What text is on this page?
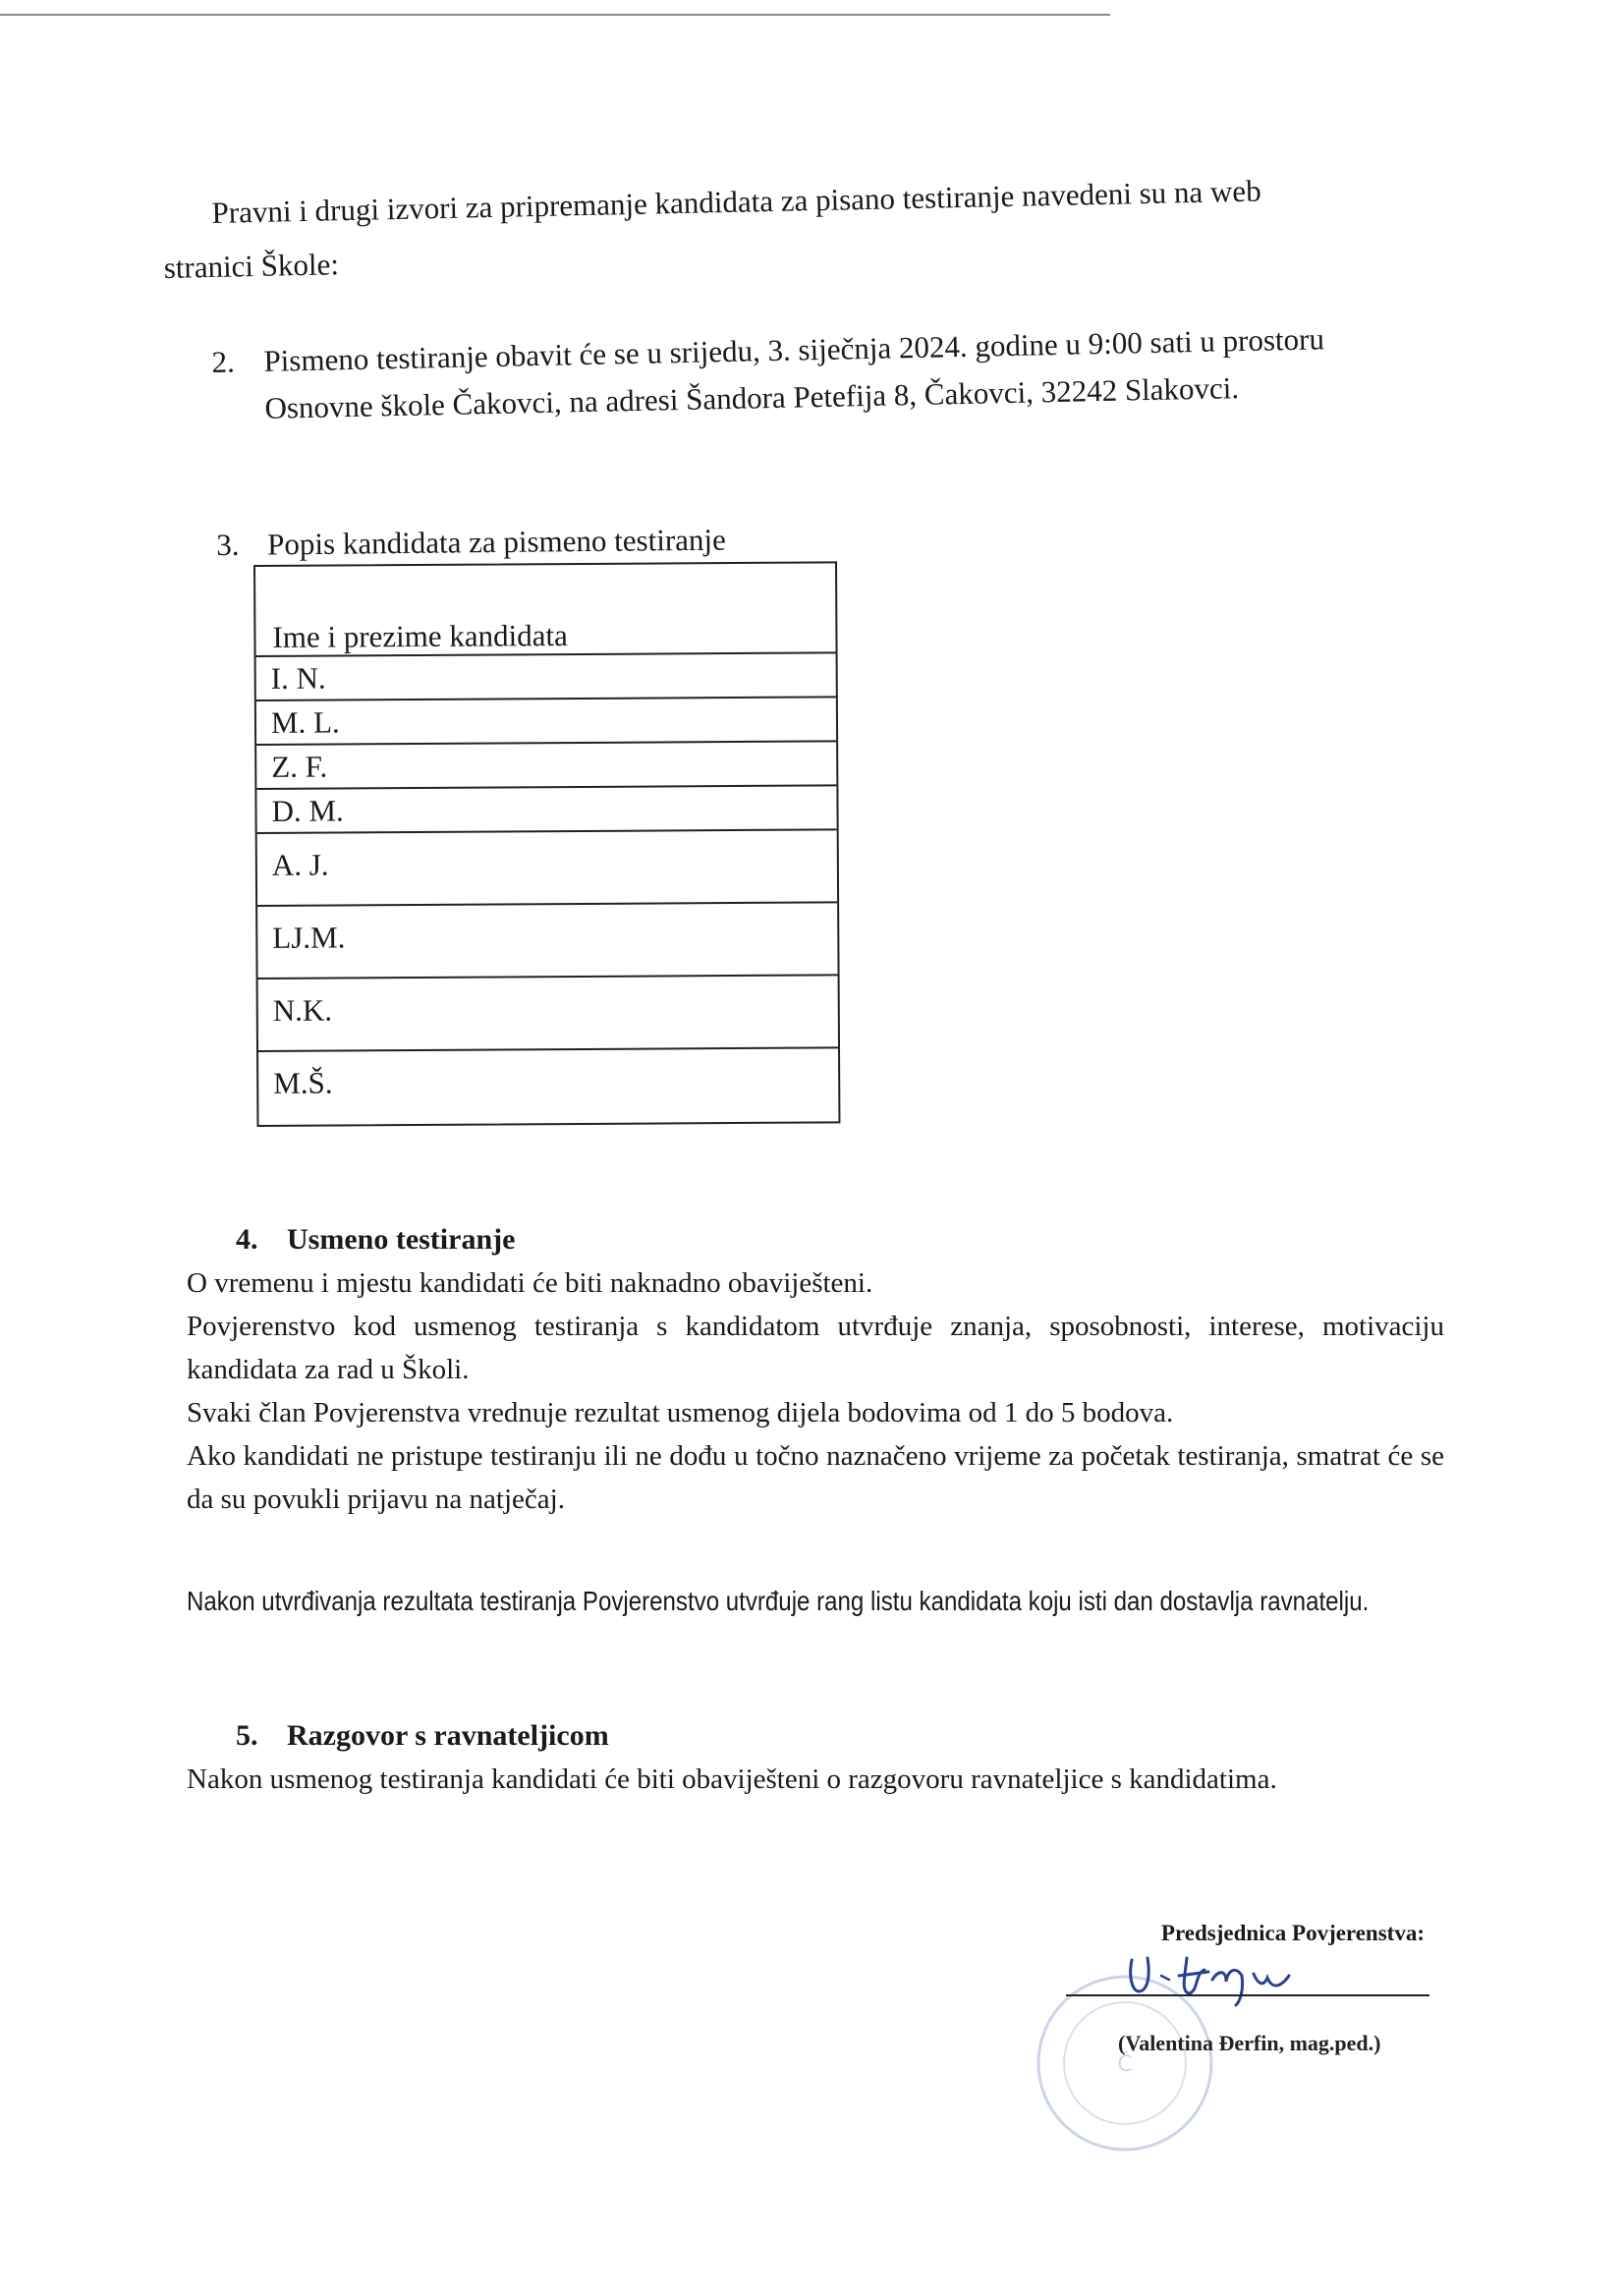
Pravni i drugi izvori za pripremanje kandidata za pisano testiranje navedeni su na web
stranici Škole:
2. Pismeno testiranje obavit će se u srijedu, 3. siječnja 2024. godine u 9:00 sati u prostoru Osnovne škole Čakovci, na adresi Šandora Petefija 8, Čakovci, 32242 Slakovci.
3. Popis kandidata za pismeno testiranje
Ime i prezime kandidata
I. N.
M. L.
Z. F.
D. M.
A. J.
LJ.M.
N.K.
M.Š.
4. Usmeno testiranje
O vremenu i mjestu kandidati će biti naknadno obaviješteni.
Povjerenstvo kod usmenog testiranja s kandidatom utvrđuje znanja, sposobnosti, interese, motivaciju kandidata za rad u Školi.
Svaki član Povjerenstva vrednuje rezultat usmenog dijela bodovima od 1 do 5 bodova.
Ako kandidati ne pristupe testiranju ili ne dođu u točno naznačeno vrijeme za početak testiranja, smatrat će se da su povukli prijavu na natječaj.
Nakon utvrđivanja rezultata testiranja Povjerenstvo utvrđuje rang listu kandidata koju isti dan dostavlja ravnatelju.
5. Razgovor s ravnateljicom
Nakon usmenog testiranja kandidati će biti obaviješteni o razgovoru ravnateljice s kandidatima.
Č
Predsjednica Povjerenstva:
(Valentina Đerfin, mag.ped.)
